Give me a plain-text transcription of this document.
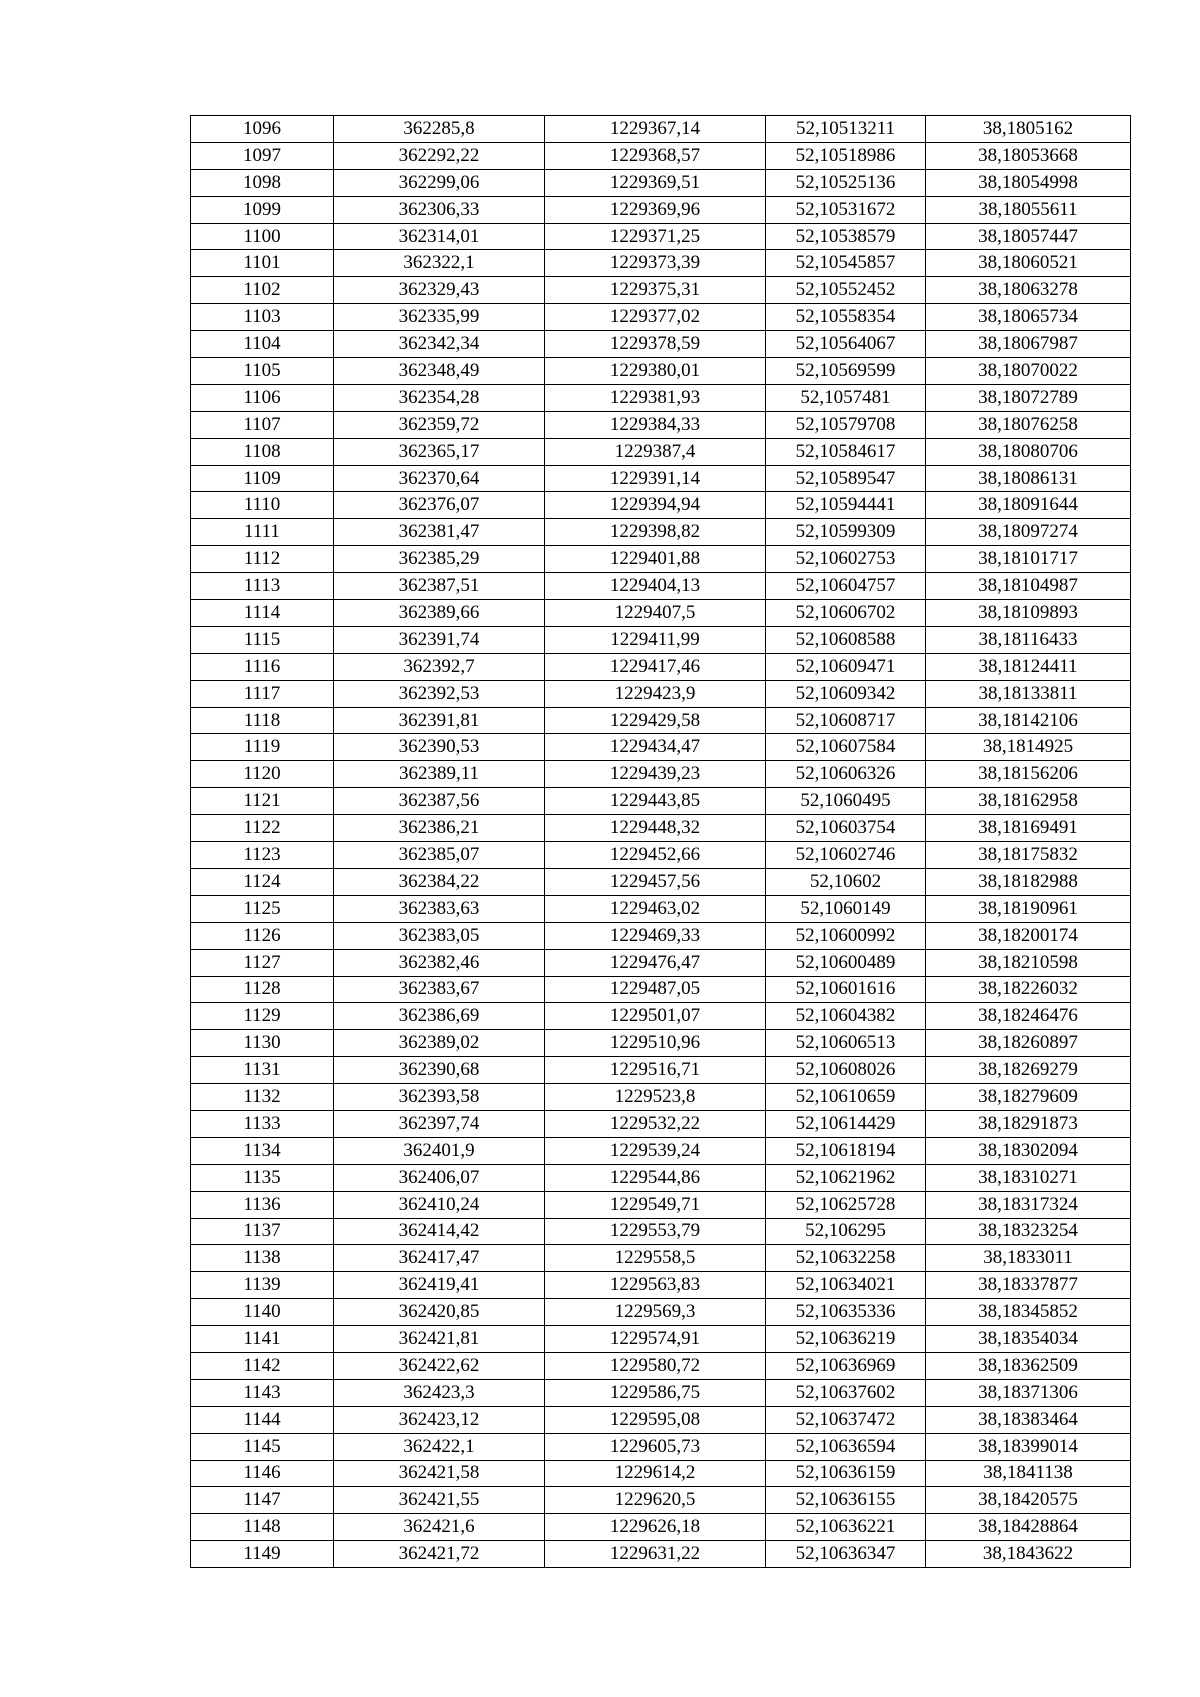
1096	362285,8	1229367,14	52,10513211	38,1805162
1097	362292,22	1229368,57	52,10518986	38,18053668
1098	362299,06	1229369,51	52,10525136	38,18054998
1099	362306,33	1229369,96	52,10531672	38,18055611
1100	362314,01	1229371,25	52,10538579	38,18057447
1101	362322,1	1229373,39	52,10545857	38,18060521
1102	362329,43	1229375,31	52,10552452	38,18063278
1103	362335,99	1229377,02	52,10558354	38,18065734
1104	362342,34	1229378,59	52,10564067	38,18067987
1105	362348,49	1229380,01	52,10569599	38,18070022
1106	362354,28	1229381,93	52,1057481	38,18072789
1107	362359,72	1229384,33	52,10579708	38,18076258
1108	362365,17	1229387,4	52,10584617	38,18080706
1109	362370,64	1229391,14	52,10589547	38,18086131
1110	362376,07	1229394,94	52,10594441	38,18091644
1111	362381,47	1229398,82	52,10599309	38,18097274
1112	362385,29	1229401,88	52,10602753	38,18101717
1113	362387,51	1229404,13	52,10604757	38,18104987
1114	362389,66	1229407,5	52,10606702	38,18109893
1115	362391,74	1229411,99	52,10608588	38,18116433
1116	362392,7	1229417,46	52,10609471	38,18124411
1117	362392,53	1229423,9	52,10609342	38,18133811
1118	362391,81	1229429,58	52,10608717	38,18142106
1119	362390,53	1229434,47	52,10607584	38,1814925
1120	362389,11	1229439,23	52,10606326	38,18156206
1121	362387,56	1229443,85	52,1060495	38,18162958
1122	362386,21	1229448,32	52,10603754	38,18169491
1123	362385,07	1229452,66	52,10602746	38,18175832
1124	362384,22	1229457,56	52,10602	38,18182988
1125	362383,63	1229463,02	52,1060149	38,18190961
1126	362383,05	1229469,33	52,10600992	38,18200174
1127	362382,46	1229476,47	52,10600489	38,18210598
1128	362383,67	1229487,05	52,10601616	38,18226032
1129	362386,69	1229501,07	52,10604382	38,18246476
1130	362389,02	1229510,96	52,10606513	38,18260897
1131	362390,68	1229516,71	52,10608026	38,18269279
1132	362393,58	1229523,8	52,10610659	38,18279609
1133	362397,74	1229532,22	52,10614429	38,18291873
1134	362401,9	1229539,24	52,10618194	38,18302094
1135	362406,07	1229544,86	52,10621962	38,18310271
1136	362410,24	1229549,71	52,10625728	38,18317324
1137	362414,42	1229553,79	52,106295	38,18323254
1138	362417,47	1229558,5	52,10632258	38,1833011
1139	362419,41	1229563,83	52,10634021	38,18337877
1140	362420,85	1229569,3	52,10635336	38,18345852
1141	362421,81	1229574,91	52,10636219	38,18354034
1142	362422,62	1229580,72	52,10636969	38,18362509
1143	362423,3	1229586,75	52,10637602	38,18371306
1144	362423,12	1229595,08	52,10637472	38,18383464
1145	362422,1	1229605,73	52,10636594	38,18399014
1146	362421,58	1229614,2	52,10636159	38,1841138
1147	362421,55	1229620,5	52,10636155	38,18420575
1148	362421,6	1229626,18	52,10636221	38,18428864
1149	362421,72	1229631,22	52,10636347	38,1843622
